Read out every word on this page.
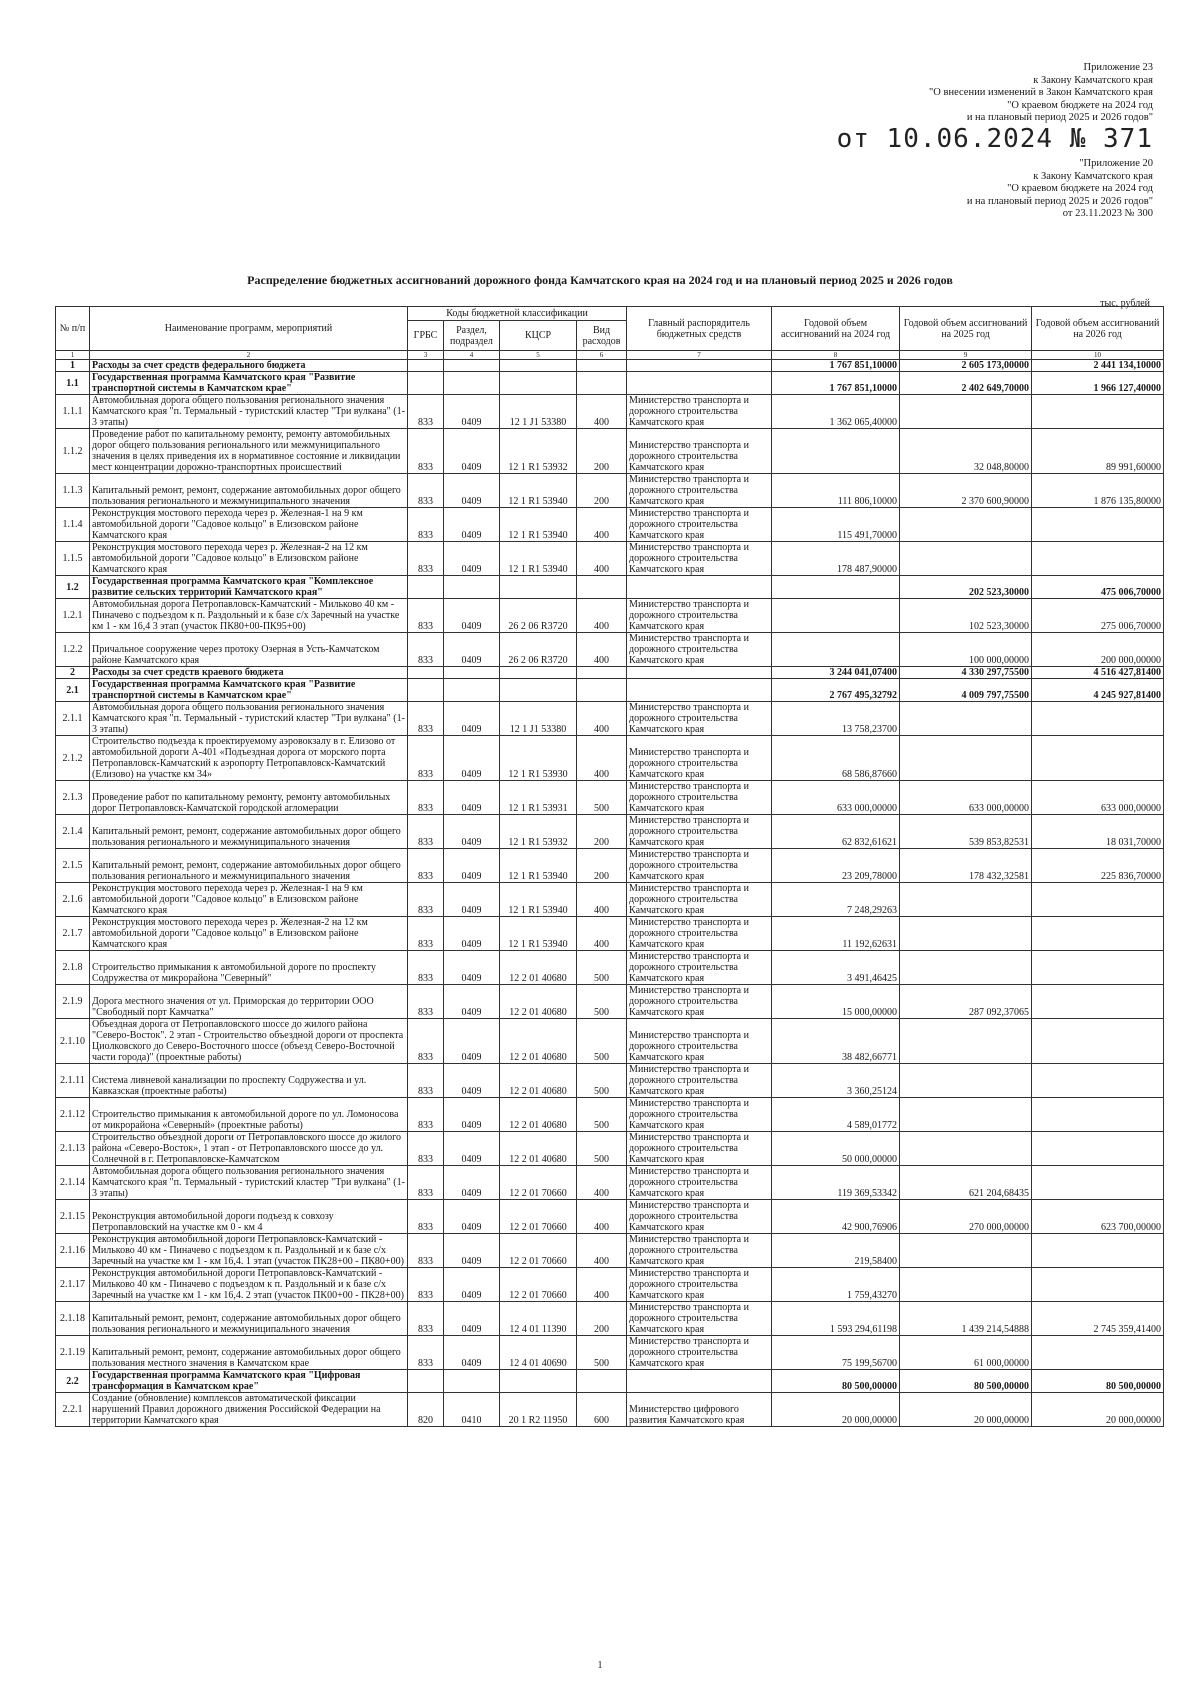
Приложение 23
к Закону Камчатского края
"О внесении изменений в Закон Камчатского края
"О краевом бюджете на 2024 год
и на плановый период 2025 и 2026 годов"
от 10.06.2024 № 371
"Приложение 20
к Закону Камчатского края
"О краевом бюджете на 2024 год
и на плановый период 2025 и 2026 годов"
от 23.11.2023 № 300
Распределение бюджетных ассигнований дорожного фонда Камчатского края на 2024 год и на плановый период 2025 и 2026 годов
тыс. рублей
№ п/п	Наименование программ, мероприятий	Коды бюджетной классификации				Главный распорядитель бюджетных средств	Годовой объем ассигнований на 2024 год	Годовой объем ассигнований на 2025 год	Годовой объем ассигнований на 2026 год
		ГРБС	Раздел, подраздел	КЦСР	Вид расходов				
1	2	3	4	5	6	7	8	9	10
1	Расходы за счет средств федерального бюджета						1 767 851,10000	2 605 173,00000	2 441 134,10000
1.1	Государственная программа Камчатского края "Развитие транспортной системы в Камчатском крае"						1 767 851,10000	2 402 649,70000	1 966 127,40000
1.1.1	Автомобильная дорога общего пользования регионального значения Камчатского края "п. Термальный - туристский кластер "Три вулкана" (1-3 этапы)	833	0409	12 1 J1 53380	400	Министерство транспорта и дорожного строительства Камчатского края	1 362 065,40000		
1.1.2	Проведение работ по капитальному ремонту, ремонту автомобильных дорог общего пользования регионального или межмуниципального значения в целях приведения их в нормативное состояние и ликвидации мест концентрации дорожно-транспортных происшествий	833	0409	12 1 R1 53932	200	Министерство транспорта и дорожного строительства Камчатского края		32 048,80000	89 991,60000
1.1.3	Капитальный ремонт, ремонт, содержание автомобильных дорог общего пользования регионального и межмуниципального значения	833	0409	12 1 R1 53940	200	Министерство транспорта и дорожного строительства Камчатского края	111 806,10000	2 370 600,90000	1 876 135,80000
1.1.4	Реконструкция мостового перехода через р. Железная-1 на 9 км автомобильной дороги "Садовое кольцо" в Елизовском районе Камчатского края	833	0409	12 1 R1 53940	400	Министерство транспорта и дорожного строительства Камчатского края	115 491,70000		
1.1.5	Реконструкция мостового перехода через р. Железная-2 на 12 км автомобильной дороги "Садовое кольцо" в Елизовском районе Камчатского края	833	0409	12 1 R1 53940	400	Министерство транспорта и дорожного строительства Камчатского края	178 487,90000		
1.2	Государственная программа Камчатского края "Комплексное развитие сельских территорий Камчатского края"							202 523,30000	475 006,70000
1.2.1	Автомобильная дорога Петропавловск-Камчатский - Мильково 40 км - Пиначево с подъездом к п. Раздольный и к базе с/х Заречный на участке км 1 - км 16,4 3 этап (участок ПК80+00-ПК95+00)	833	0409	26 2 06 R3720	400	Министерство транспорта и дорожного строительства Камчатского края		102 523,30000	275 006,70000
1.2.2	Причальное сооружение через протоку Озерная в Усть-Камчатском районе Камчатского края	833	0409	26 2 06 R3720	400	Министерство транспорта и дорожного строительства Камчатского края		100 000,00000	200 000,00000
2	Расходы за счет средств краевого бюджета						3 244 041,07400	4 330 297,75500	4 516 427,81400
2.1	Государственная программа Камчатского края "Развитие транспортной системы в Камчатском крае"						2 767 495,32792	4 009 797,75500	4 245 927,81400
2.1.1	Автомобильная дорога общего пользования регионального значения Камчатского края "п. Термальный - туристский кластер "Три вулкана" (1-3 этапы)	833	0409	12 1 J1 53380	400	Министерство транспорта и дорожного строительства Камчатского края	13 758,23700		
2.1.2	Строительство подъезда к проектируемому аэровокзалу в г. Елизово от автомобильной дороги А-401 «Подъездная дорога от морского порта Петропавловск-Камчатский к аэропорту Петропавловск-Камчатский (Елизово) на участке км 34»	833	0409	12 1 R1 53930	400	Министерство транспорта и дорожного строительства Камчатского края	68 586,87660		
2.1.3	Проведение работ по капитальному ремонту, ремонту автомобильных дорог Петропавловск-Камчатской городской агломерации	833	0409	12 1 R1 53931	500	Министерство транспорта и дорожного строительства Камчатского края	633 000,00000	633 000,00000	633 000,00000
2.1.4	Капитальный ремонт, ремонт, содержание автомобильных дорог общего пользования регионального и межмуниципального значения	833	0409	12 1 R1 53932	200	Министерство транспорта и дорожного строительства Камчатского края	62 832,61621	539 853,82531	18 031,70000
2.1.5	Капитальный ремонт, ремонт, содержание автомобильных дорог общего пользования регионального и межмуниципального значения	833	0409	12 1 R1 53940	200	Министерство транспорта и дорожного строительства Камчатского края	23 209,78000	178 432,32581	225 836,70000
2.1.6	Реконструкция мостового перехода через р. Железная-1 на 9 км автомобильной дороги "Садовое кольцо" в Елизовском районе Камчатского края	833	0409	12 1 R1 53940	400	Министерство транспорта и дорожного строительства Камчатского края	7 248,29263		
2.1.7	Реконструкция мостового перехода через р. Железная-2 на 12 км автомобильной дороги "Садовое кольцо" в Елизовском районе Камчатского края	833	0409	12 1 R1 53940	400	Министерство транспорта и дорожного строительства Камчатского края	11 192,62631		
2.1.8	Строительство примыкания к автомобильной дороге по проспекту Содружества от микрорайона "Северный"	833	0409	12 2 01 40680	500	Министерство транспорта и дорожного строительства Камчатского края	3 491,46425		
2.1.9	Дорога местного значения от ул. Приморская до территории ООО "Свободный порт Камчатка"	833	0409	12 2 01 40680	500	Министерство транспорта и дорожного строительства Камчатского края	15 000,00000	287 092,37065	
2.1.10	Объездная дорога от Петропавловского шоссе до жилого района "Северо-Восток". 2 этап - Строительство объездной дороги от проспекта Циолковского до Северо-Восточного шоссе (объезд Северо-Восточной части города)" (проектные работы)	833	0409	12 2 01 40680	500	Министерство транспорта и дорожного строительства Камчатского края	38 482,66771		
2.1.11	Система ливневой канализации по проспекту Содружества и ул. Кавказская (проектные работы)	833	0409	12 2 01 40680	500	Министерство транспорта и дорожного строительства Камчатского края	3 360,25124		
2.1.12	Строительство примыкания к автомобильной дороге по ул. Ломоносова от микрорайона «Северный» (проектные работы)	833	0409	12 2 01 40680	500	Министерство транспорта и дорожного строительства Камчатского края	4 589,01772		
2.1.13	Строительство объездной дороги от Петропавловского шоссе до жилого района «Северо-Восток», 1 этап - от Петропавловского шоссе до ул. Солнечной в г. Петропавловске-Камчатском	833	0409	12 2 01 40680	500	Министерство транспорта и дорожного строительства Камчатского края	50 000,00000		
2.1.14	Автомобильная дорога общего пользования регионального значения Камчатского края "п. Термальный - туристский кластер "Три вулкана" (1-3 этапы)	833	0409	12 2 01 70660	400	Министерство транспорта и дорожного строительства Камчатского края	119 369,53342	621 204,68435	
2.1.15	Реконструкция автомобильной дороги подъезд к совхозу Петропавловский на участке км 0 - км 4	833	0409	12 2 01 70660	400	Министерство транспорта и дорожного строительства Камчатского края	42 900,76906	270 000,00000	623 700,00000
2.1.16	Реконструкция автомобильной дороги Петропавловск-Камчатский - Мильково 40 км - Пиначево с подъездом к п. Раздольный и к базе с/х Заречный на участке км 1 - км 16,4. 1 этап (участок ПК28+00 - ПК80+00)	833	0409	12 2 01 70660	400	Министерство транспорта и дорожного строительства Камчатского края	219,58400		
2.1.17	Реконструкция автомобильной дороги Петропавловск-Камчатский - Мильково 40 км - Пиначево с подъездом к п. Раздольный и к базе с/х Заречный на участке км 1 - км 16,4. 2 этап (участок ПК00+00 - ПК28+00)	833	0409	12 2 01 70660	400	Министерство транспорта и дорожного строительства Камчатского края	1 759,43270		
2.1.18	Капитальный ремонт, ремонт, содержание автомобильных дорог общего пользования регионального и межмуниципального значения	833	0409	12 4 01 11390	200	Министерство транспорта и дорожного строительства Камчатского края	1 593 294,61198	1 439 214,54888	2 745 359,41400
2.1.19	Капитальный ремонт, ремонт, содержание автомобильных дорог общего пользования местного значения в Камчатском крае	833	0409	12 4 01 40690	500	Министерство транспорта и дорожного строительства Камчатского края	75 199,56700	61 000,00000	
2.2	Государственная программа Камчатского края "Цифровая трансформация в Камчатском крае"						80 500,00000	80 500,00000	80 500,00000
2.2.1	Создание (обновление) комплексов автоматической фиксации нарушений Правил дорожного движения Российской Федерации на территории Камчатского края	820	0410	20 1 R2 11950	600	Министерство цифрового развития Камчатского края	20 000,00000	20 000,00000	20 000,00000
1
